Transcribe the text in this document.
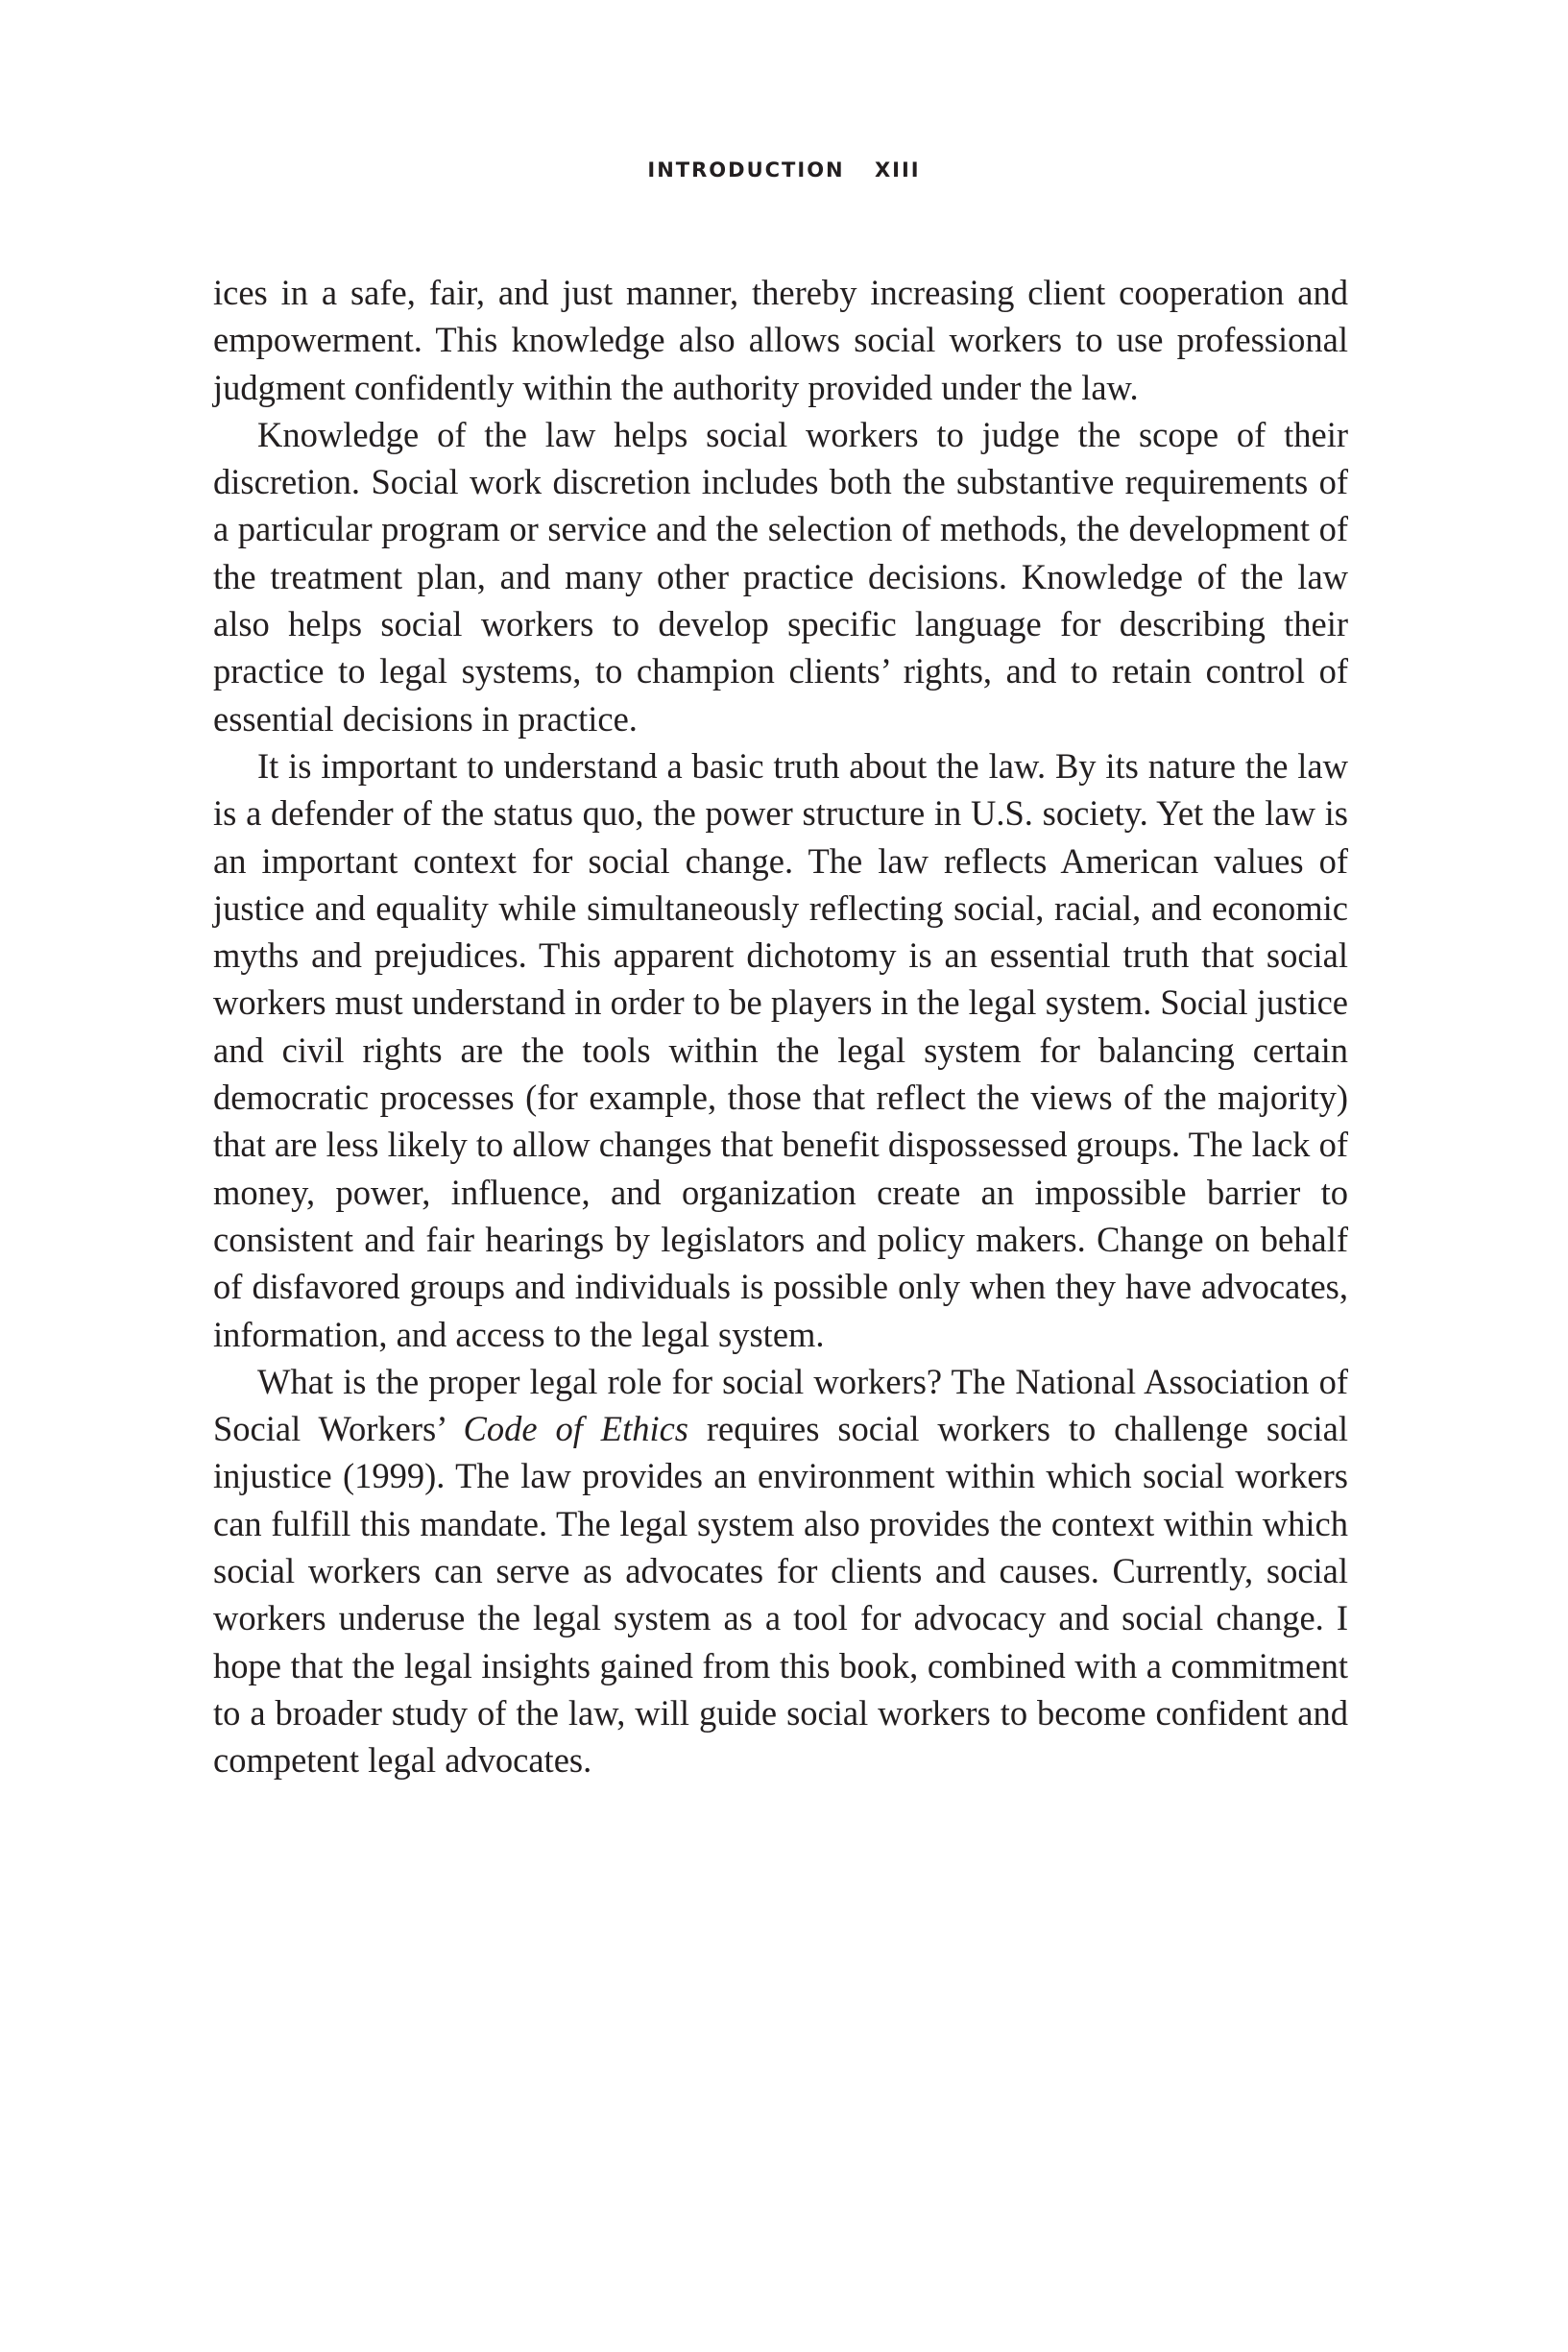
INTRODUCTION XIII

ices in a safe, fair, and just manner, thereby increasing client cooperation and empowerment. This knowledge also allows social workers to use professional judgment confidently within the authority provided under the law.

Knowledge of the law helps social workers to judge the scope of their discretion. Social work discretion includes both the substantive requirements of a particular program or service and the selection of methods, the development of the treatment plan, and many other practice decisions. Knowledge of the law also helps social workers to develop specific language for describing their practice to legal systems, to champion clients’ rights, and to retain control of essential decisions in practice.

It is important to understand a basic truth about the law. By its nature the law is a defender of the status quo, the power structure in U.S. society. Yet the law is an important context for social change. The law reflects American values of justice and equality while simultaneously reflecting social, racial, and economic myths and prejudices. This apparent dichotomy is an essential truth that social workers must understand in order to be players in the legal system. Social justice and civil rights are the tools within the legal system for balancing certain democratic processes (for example, those that reflect the views of the majority) that are less likely to allow changes that benefit dispossessed groups. The lack of money, power, influence, and organization create an impossible barrier to consistent and fair hearings by legislators and policy makers. Change on behalf of disfavored groups and individuals is possible only when they have advocates, information, and access to the legal system.

What is the proper legal role for social workers? The National Association of Social Workers’ Code of Ethics requires social workers to challenge social injustice (1999). The law provides an environment within which social workers can fulfill this mandate. The legal system also provides the context within which social workers can serve as advocates for clients and causes. Currently, social workers underuse the legal system as a tool for advocacy and social change. I hope that the legal insights gained from this book, combined with a commitment to a broader study of the law, will guide social workers to become confident and competent legal advocates.
